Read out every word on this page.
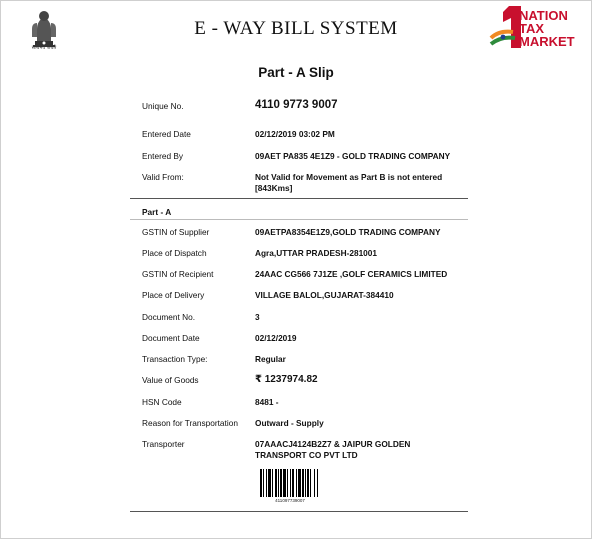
सत्यमेव जयते
E - WAY BILL SYSTEM
NATION
TAX
MARKET
Part - A Slip
Unique No.	4110 9773 9007
Entered Date	02/12/2019 03:02 PM
Entered By	09AET PA835 4E1Z9 - GOLD TRADING COMPANY
Valid From:	Not Valid for Movement as Part B is not entered [843Kms]
Part - A
GSTIN of Supplier	09AETPA8354E1Z9,GOLD TRADING COMPANY
Place of Dispatch	Agra,UTTAR PRADESH-281001
GSTIN of Recipient	24AAC CG566 7J1ZE ,GOLF CERAMICS LIMITED
Place of Delivery	VILLAGE BALOL,GUJARAT-384410
Document No.	3
Document Date	02/12/2019
Transaction Type:	Regular
Value of Goods	₹ 1237974.82
HSN Code	8481 -
Reason for Transportation	Outward - Supply
Transporter	07AAACJ4124B2Z7 & JAIPUR GOLDEN TRANSPORT CO PVT LTD
411097739007
